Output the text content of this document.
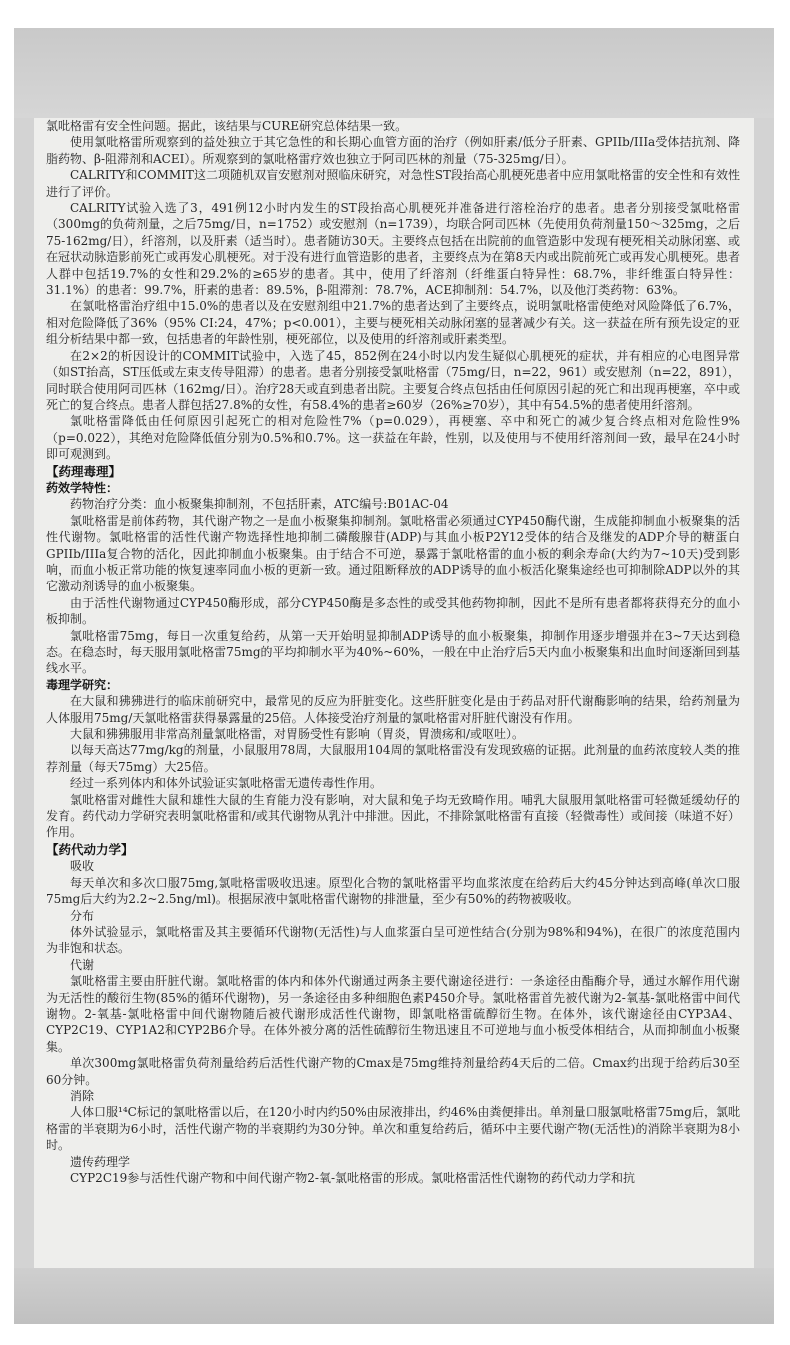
氯吡格雷有安全性问题。据此，该结果与CURE研究总体结果一致。

使用氯吡格雷所观察到的益处独立于其它急性的和长期心血管方面的治疗（例如肝素/低分子肝素、GPIIb/IIIa受体拮抗剂、降脂药物、β-阻滞剂和ACEI）。所观察到的氯吡格雷疗效也独立于阿司匹林的剂量（75-325mg/日）。

CALRITY和COMMIT这二项随机双盲安慰剂对照临床研究，对急性ST段抬高心肌梗死患者中应用氯吡格雷的安全性和有效性进行了评价。

CALRITY试验入选了3，491例12小时内发生的ST段抬高心肌梗死并准备进行溶栓治疗的患者。患者分别接受氯吡格雷（300mg的负荷剂量，之后75mg/日，n=1752）或安慰剂（n=1739），均联合阿司匹林（先使用负荷剂量150～325mg，之后75-162mg/日），纤溶剂，以及肝素（适当时）。患者随访30天。主要终点包括在出院前的血管造影中发现有梗死相关动脉闭塞、或在冠状动脉造影前死亡或再发心肌梗死。对于没有进行血管造影的患者，主要终点为在第8天内或出院前死亡或再发心肌梗死。患者人群中包括19.7%的女性和29.2%的≥65岁的患者。其中，使用了纤溶剂（纤维蛋白特异性：68.7%，非纤维蛋白特异性：31.1%）的患者：99.7%，肝素的患者：89.5%，β-阻滞剂：78.7%，ACE抑制剂：54.7%，以及他汀类药物：63%。

在氯吡格雷治疗组中15.0%的患者以及在安慰剂组中21.7%的患者达到了主要终点，说明氯吡格雷使绝对风险降低了6.7%，相对危险降低了36%（95% CI:24，47%；p<0.001），主要与梗死相关动脉闭塞的显著减少有关。这一获益在所有预先设定的亚组分析结果中都一致，包括患者的年龄性别，梗死部位，以及使用的纤溶剂或肝素类型。

在2×2的析因设计的COMMIT试验中，入选了45，852例在24小时以内发生疑似心肌梗死的症状，并有相应的心电图异常（如ST抬高，ST压低或左束支传导阻滞）的患者。患者分别接受氯吡格雷（75mg/日，n=22，961）或安慰剂（n=22，891），同时联合使用阿司匹林（162mg/日）。治疗28天或直到患者出院。主要复合终点包括由任何原因引起的死亡和出现再梗塞，卒中或死亡的复合终点。患者人群包括27.8%的女性，有58.4%的患者≥60岁（26%≥70岁），其中有54.5%的患者使用纤溶剂。

氯吡格雷降低由任何原因引起死亡的相对危险性7%（p=0.029），再梗塞、卒中和死亡的减少复合终点相对危险性9%（p=0.022），其绝对危险降低值分别为0.5%和0.7%。这一获益在年龄，性别，以及使用与不使用纤溶剂间一致，最早在24小时即可观测到。

【药理毒理】
药效学特性：

药物治疗分类：血小板聚集抑制剂，不包括肝素，ATC编号:B01AC-04

氯吡格雷是前体药物，其代谢产物之一是血小板聚集抑制剂。氯吡格雷必须通过CYP450酶代谢，生成能抑制血小板聚集的活性代谢物。氯吡格雷的活性代谢产物选择性地抑制二磷酸腺苷(ADP)与其血小板P2Y12受体的结合及继发的ADP介导的糖蛋白GPIIb/IIIa复合物的活化，因此抑制血小板聚集。由于结合不可逆，暴露于氯吡格雷的血小板的剩余寿命(大约为7~10天)受到影响，而血小板正常功能的恢复速率同血小板的更新一致。通过阻断释放的ADP诱导的血小板活化聚集途经也可抑制除ADP以外的其它激动剂诱导的血小板聚集。

由于活性代谢物通过CYP450酶形成，部分CYP450酶是多态性的或受其他药物抑制，因此不是所有患者都将获得充分的血小板抑制。

氯吡格雷75mg，每日一次重复给药，从第一天开始明显抑制ADP诱导的血小板聚集，抑制作用逐步增强并在3~7天达到稳态。在稳态时，每天服用氯吡格雷75mg的平均抑制水平为40%~60%，一般在中止治疗后5天内血小板聚集和出血时间逐渐回到基线水平。

毒理学研究：

在大鼠和狒狒进行的临床前研究中，最常见的反应为肝脏变化。这些肝脏变化是由于药品对肝代谢酶影响的结果，给药剂量为人体服用75mg/天氯吡格雷获得暴露量的25倍。人体接受治疗剂量的氯吡格雷对肝脏代谢没有作用。

大鼠和狒狒服用非常高剂量氯吡格雷，对胃肠受性有影响（胃炎，胃溃疡和/或呕吐）。

以每天高达77mg/kg的剂量，小鼠服用78周，大鼠服用104周的氯吡格雷没有发现致癌的证据。此剂量的血药浓度较人类的推荐剂量（每天75mg）大25倍。

经过一系列体内和体外试验证实氯吡格雷无遗传毒性作用。

氯吡格雷对雌性大鼠和雄性大鼠的生育能力没有影响，对大鼠和兔子均无致畸作用。哺乳大鼠服用氯吡格雷可轻微延缓幼仔的发育。药代动力学研究表明氯吡格雷和/或其代谢物从乳汁中排泄。因此，不排除氯吡格雷有直接（轻微毒性）或间接（味道不好）作用。

【药代动力学】
吸收

每天单次和多次口服75mg,氯吡格雷吸收迅速。原型化合物的氯吡格雷平均血浆浓度在给药后大约45分钟达到高峰(单次口服75mg后大约为2.2~2.5ng/ml)。根据尿液中氯吡格雷代谢物的排泄量，至少有50%的药物被吸收。

分布

体外试验显示，氯吡格雷及其主要循环代谢物(无活性)与人血浆蛋白呈可逆性结合(分别为98%和94%)，在很广的浓度范围内为非饱和状态。

代谢

氯吡格雷主要由肝脏代谢。氯吡格雷的体内和体外代谢通过两条主要代谢途径进行：一条途径由酯酶介导，通过水解作用代谢为无活性的酸衍生物(85%的循环代谢物)，另一条途径由多种细胞色素P450介导。氯吡格雷首先被代谢为2-氧基-氯吡格雷中间代谢物。2-氧基-氯吡格雷中间代谢物随后被代谢形成活性代谢物，即氯吡格雷硫醇衍生物。在体外，该代谢途径由CYP3A4、CYP2C19、CYP1A2和CYP2B6介导。在体外被分离的活性硫醇衍生物迅速且不可逆地与血小板受体相结合，从而抑制血小板聚集。

单次300mg氯吡格雷负荷剂量给药后活性代谢产物的Cmax是75mg维持剂量给药4天后的二倍。Cmax约出现于给药后30至60分钟。

消除

人体口服¹⁴C标记的氯吡格雷以后，在120小时内约50%由尿液排出，约46%由粪便排出。单剂量口服氯吡格雷75mg后，氯吡格雷的半衰期为6小时，活性代谢产物的半衰期约为30分钟。单次和重复给药后，循环中主要代谢产物(无活性)的消除半衰期为8小时。

遗传药理学

CYP2C19参与活性代谢产物和中间代谢产物2-氧-氯吡格雷的形成。氯吡格雷活性代谢物的药代动力学和抗
